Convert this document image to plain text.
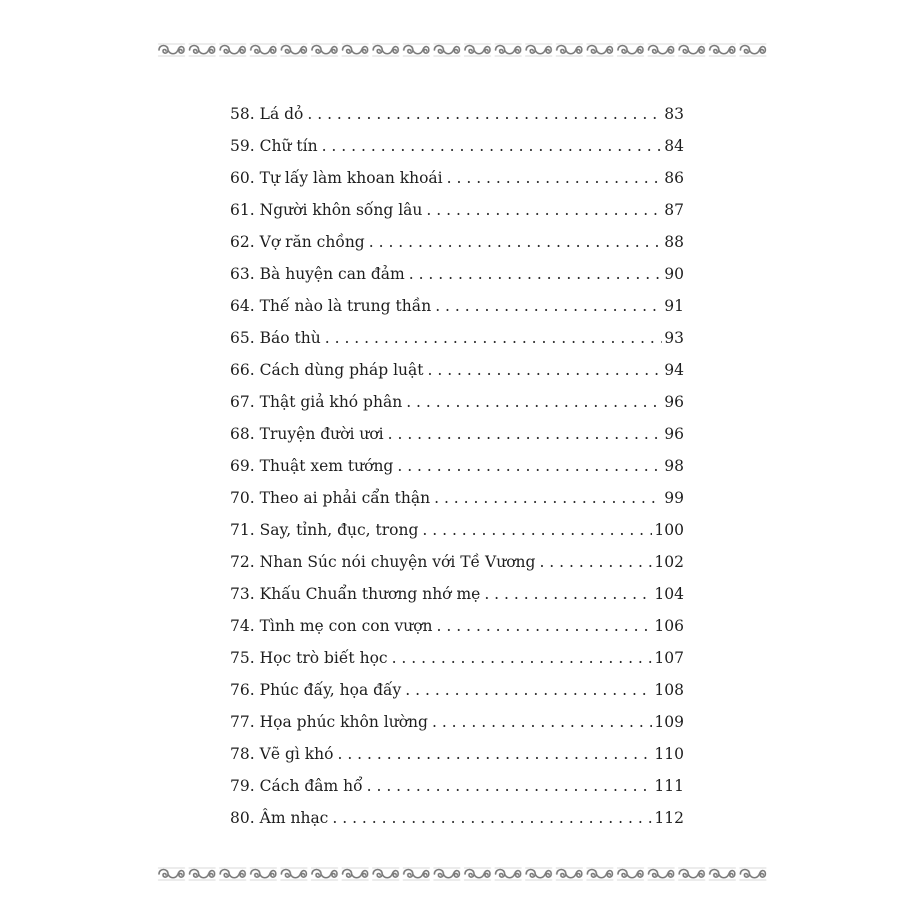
58. Lá dỏ . . .	83
59. Chữ tín . . .	84
60. Tự lấy làm khoan khoái . . .	86
61. Người khôn sống lâu . . .	87
62. Vợ răn chồng . . .	88
63. Bà huyện can đảm . . .	90
64. Thế nào là trung thần . . .	91
65. Báo thù . . .	93
66. Cách dùng pháp luật . . .	94
67. Thật giả khó phân . . .	96
68. Truyện đười ươi . . .	96
69. Thuật xem tướng . . .	98
70. Theo ai phải cẩn thận . . .	99
71. Say, tỉnh, đục, trong . . .	100
72. Nhan Súc nói chuyện với Tề Vương . . .	102
73. Khấu Chuẩn thương nhớ mẹ . . .	104
74. Tình mẹ con con vượn . . .	106
75. Học trò biết học . . .	107
76. Phúc đấy, họa đấy . . .	108
77. Họa phúc khôn lường . . .	109
78. Vẽ gì khó . . .	110
79. Cách đâm hổ . . .	111
80. Âm nhạc . . .	112
